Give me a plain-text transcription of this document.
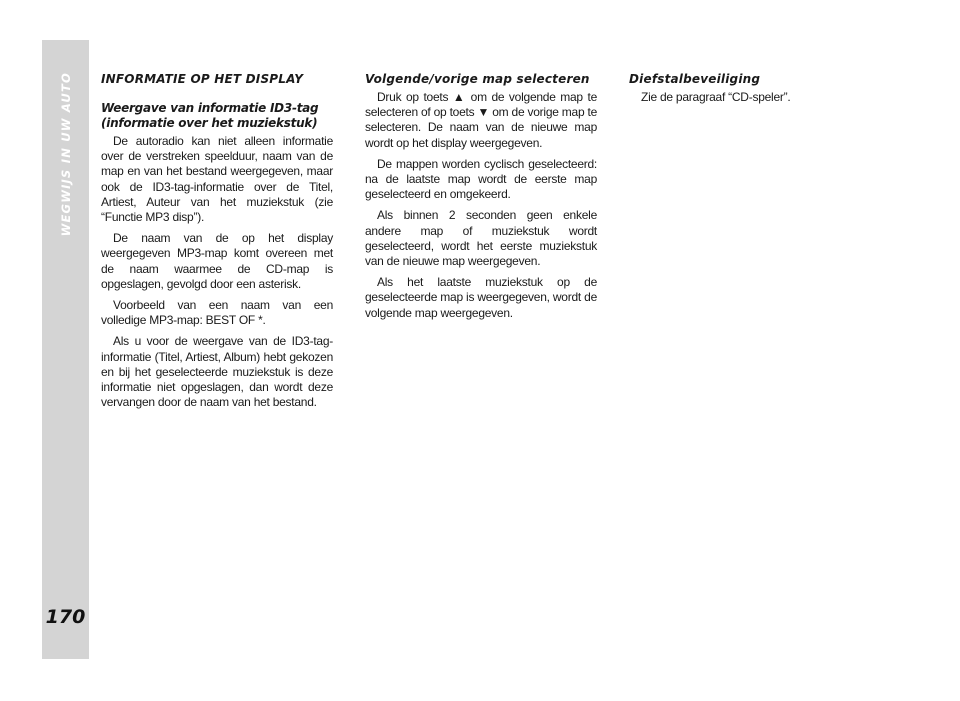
WEGWIJS IN UW AUTO
170
INFORMATIE OP HET DISPLAY
Weergave van informatie ID3-tag (informatie over het muziekstuk)

De autoradio kan niet alleen informatie over de verstreken speelduur, naam van de map en van het bestand weergegeven, maar ook de ID3-tag-informatie over de Titel, Artiest, Auteur van het muziekstuk (zie “Functie MP3 disp”).

De naam van de op het display weergegeven MP3-map komt overeen met de naam waarmee de CD-map is opgeslagen, gevolgd door een asterisk.

Voorbeeld van een naam van een volledige MP3-map: BEST OF *.

Als u voor de weergave van de ID3-tag-informatie (Titel, Artiest, Album) hebt gekozen en bij het geselecteerde muziekstuk is deze informatie niet opgeslagen, dan wordt deze vervangen door de naam van het bestand.

Volgende/vorige map selecteren

Druk op toets ▲ om de volgende map te selecteren of op toets ▼ om de vorige map te selecteren. De naam van de nieuwe map wordt op het display weergegeven.

De mappen worden cyclisch geselecteerd: na de laatste map wordt de eerste map geselecteerd en omgekeerd.

Als binnen 2 seconden geen enkele andere map of muziekstuk wordt geselecteerd, wordt het eerste muziekstuk van de nieuwe map weergegeven.

Als het laatste muziekstuk op de geselecteerde map is weergegeven, wordt de volgende map weergegeven.

Diefstalbeveiliging

Zie de paragraaf “CD-speler”.
